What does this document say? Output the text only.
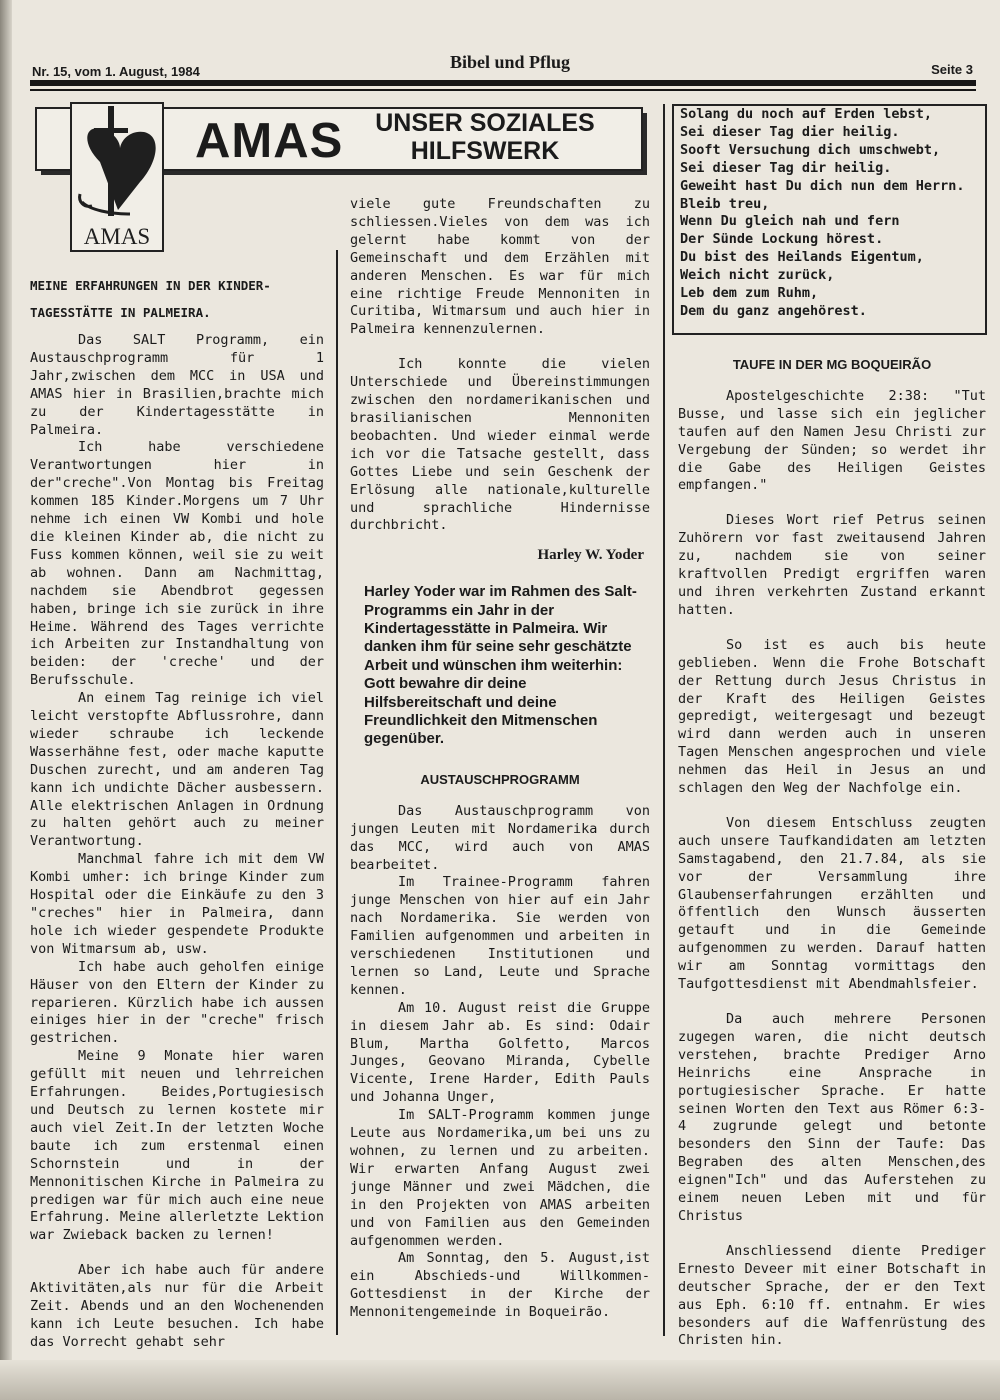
Nr. 15, vom 1. August, 1984	Bibel und Pflug	Seite 3
AMAS	UNSER SOZIALES
HILFSWERK
AMAS
MEINE ERFAHRUNGEN IN DER KINDER-
TAGESSTÄTTE IN PALMEIRA.

Das SALT Programm, ein Austauschprogramm für 1 Jahr,zwischen dem MCC in USA und AMAS hier in Brasilien,brachte mich zu der Kindertagesstätte in Palmeira.

Ich habe verschiedene Verantwortungen hier in der"creche".Von Montag bis Freitag kommen 185 Kinder.Morgens um 7 Uhr nehme ich einen VW Kombi und hole die kleinen Kinder ab, die nicht zu Fuss kommen können, weil sie zu weit ab wohnen. Dann am Nachmittag, nachdem sie Abendbrot gegessen haben, bringe ich sie zurück in ihre Heime. Während des Tages verrichte ich Arbeiten zur Instandhaltung von beiden: der 'creche' und der Berufsschule.

An einem Tag reinige ich viel leicht verstopfte Abflussrohre, dann wieder schraube ich leckende Wasserhähne fest, oder mache kaputte Duschen zurecht, und am anderen Tag kann ich undichte Dächer ausbessern. Alle elektrischen Anlagen in Ordnung zu halten gehört auch zu meiner Verantwortung.

Manchmal fahre ich mit dem VW Kombi umher: ich bringe Kinder zum Hospital oder die Einkäufe zu den 3 "creches" hier in Palmeira, dann hole ich wieder gespendete Produkte von Witmarsum ab, usw.

Ich habe auch geholfen einige Häuser von den Eltern der Kinder zu reparieren. Kürzlich habe ich aussen einiges hier in der "creche" frisch gestrichen.

Meine 9 Monate hier waren gefüllt mit neuen und lehrreichen Erfahrungen. Beides,Portugiesisch und Deutsch zu lernen kostete mir auch viel Zeit.In der letzten Woche baute ich zum erstenmal einen Schornstein und in der Mennonitischen Kirche in Palmeira zu predigen war für mich auch eine neue Erfahrung. Meine allerletzte Lektion war Zwieback backen zu lernen!

Aber ich habe auch für andere Aktivitäten,als nur für die Arbeit Zeit. Abends und an den Wochenenden kann ich Leute besuchen. Ich habe das Vorrecht gehabt sehr

viele gute Freundschaften zu schliessen.Vieles von dem was ich gelernt habe kommt von der Gemeinschaft und dem Erzählen mit anderen Menschen. Es war für mich eine richtige Freude Mennoniten in Curitiba, Witmarsum und auch hier in Palmeira kennenzulernen.

Ich konnte die vielen Unterschiede und Übereinstimmungen zwischen den nordamerikanischen und brasilianischen Mennoniten beobachten. Und wieder einmal werde ich vor die Tatsache gestellt, dass Gottes Liebe und sein Geschenk der Erlösung alle nationale,kulturelle und sprachliche Hindernisse durchbricht.

Harley W. Yoder
Harley Yoder war im Rahmen des Salt-Programms ein Jahr in der Kindertagesstätte in Palmeira. Wir danken ihm für seine sehr geschätzte Arbeit und wünschen ihm weiterhin: Gott bewahre dir deine Hilfsbereitschaft und deine Freundlichkeit den Mitmenschen gegenüber.
AUSTAUSCHPROGRAMM

Das Austauschprogramm von jungen Leuten mit Nordamerika durch das MCC, wird auch von AMAS bearbeitet.

Im Trainee-Programm fahren junge Menschen von hier auf ein Jahr nach Nordamerika. Sie werden von Familien aufgenommen und arbeiten in verschiedenen Institutionen und lernen so Land, Leute und Sprache kennen.

Am 10. August reist die Gruppe in diesem Jahr ab. Es sind: Odair Blum, Martha Golfetto, Marcos Junges, Geovano Miranda, Cybelle Vicente, Irene Harder, Edith Pauls und Johanna Unger,

Im SALT-Programm kommen junge Leute aus Nordamerika,um bei uns zu wohnen, zu lernen und zu arbeiten. Wir erwarten Anfang August zwei junge Männer und zwei Mädchen, die in den Projekten von AMAS arbeiten und von Familien aus den Gemeinden aufgenommen werden.

Am Sonntag, den 5. August,ist ein Abschieds-und Willkommen- Gottesdienst in der Kirche der Mennonitengemeinde in Boqueirão.

Solang du noch auf Erden lebst,
Sei dieser Tag dier heilig.
Sooft Versuchung dich umschwebt,
Sei dieser Tag dir heilig.
Geweiht hast Du dich nun dem Herrn.
Bleib treu,
Wenn Du gleich nah und fern
Der Sünde Lockung hörest.
Du bist des Heilands Eigentum,
Weich nicht zurück,
Leb dem zum Ruhm,
Dem du ganz angehörest.
TAUFE IN DER MG BOQUEIRÃO

Apostelgeschichte 2:38: "Tut Busse, und lasse sich ein jeglicher taufen auf den Namen Jesu Christi zur Vergebung der Sünden; so werdet ihr die Gabe des Heiligen Geistes empfangen."

Dieses Wort rief Petrus seinen Zuhörern vor fast zweitausend Jahren zu, nachdem sie von seiner kraftvollen Predigt ergriffen waren und ihren verkehrten Zustand erkannt hatten.

So ist es auch bis heute geblieben. Wenn die Frohe Botschaft der Rettung durch Jesus Christus in der Kraft des Heiligen Geistes gepredigt, weitergesagt und bezeugt wird dann werden auch in unseren Tagen Menschen angesprochen und viele nehmen das Heil in Jesus an und schlagen den Weg der Nachfolge ein.

Von diesem Entschluss zeugten auch unsere Taufkandidaten am letzten Samstagabend, den 21.7.84, als sie vor der Versammlung ihre Glaubenserfahrungen erzählten und öffentlich den Wunsch äusserten getauft und in die Gemeinde aufgenommen zu werden. Darauf hatten wir am Sonntag vormittags den Taufgottesdienst mit Abendmahlsfeier.

Da auch mehrere Personen zugegen waren, die nicht deutsch verstehen, brachte Prediger Arno Heinrichs eine Ansprache in portugiesischer Sprache. Er hatte seinen Worten den Text aus Römer 6:3-4 zugrunde gelegt und betonte besonders den Sinn der Taufe: Das Begraben des alten Menschen,des eignen"Ich" und das Auferstehen zu einem neuen Leben mit und für Christus

Anschliessend diente Prediger Ernesto Deveer mit einer Botschaft in deutscher Sprache, der er den Text aus Eph. 6:10 ff. entnahm. Er wies besonders auf die Waffenrüstung des Christen hin.
